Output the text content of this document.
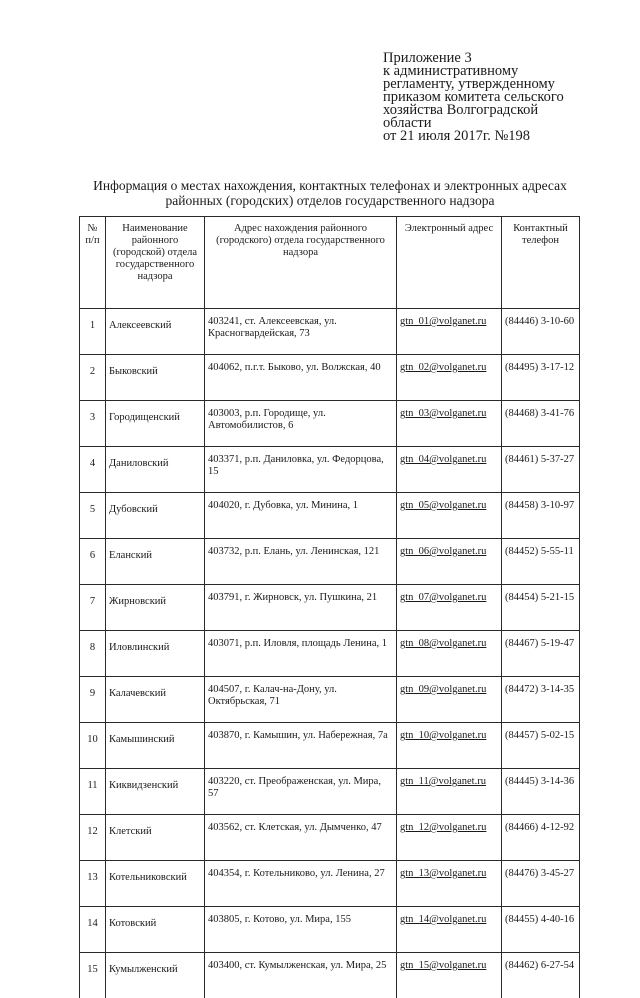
Приложение 3
к административному
регламенту, утвержденному
приказом комитета сельского
хозяйства Волгоградской
области
от 21 июля 2017г. №198
Информация о местах нахождения, контактных телефонах и электронных адресах
районных (городских) отделов государственного надзора
№ п/п	Наименование районного (городской) отдела государственного надзора	Адрес нахождения районного (городского) отдела государственного надзора	Электронный адрес	Контактный телефон
1	Алексеевский	403241, ст. Алексеевская, ул. Красногвардейская, 73	gtn_01@volganet.ru	(84446) 3-10-60
2	Быковский	404062, п.г.т. Быково, ул. Волжская, 40	gtn_02@volganet.ru	(84495) 3-17-12
3	Городищенский	403003, р.п. Городище, ул. Автомобилистов, 6	gtn_03@volganet.ru	(84468) 3-41-76
4	Даниловский	403371, р.п. Даниловка, ул. Федорцова, 15	gtn_04@volganet.ru	(84461) 5-37-27
5	Дубовский	404020, г. Дубовка, ул. Минина, 1	gtn_05@volganet.ru	(84458) 3-10-97
6	Еланский	403732, р.п. Елань, ул. Ленинская, 121	gtn_06@volganet.ru	(84452) 5-55-11
7	Жирновский	403791, г. Жирновск, ул. Пушкина, 21	gtn_07@volganet.ru	(84454) 5-21-15
8	Иловлинский	403071, р.п. Иловля, площадь Ленина, 1	gtn_08@volganet.ru	(84467) 5-19-47
9	Калачевский	404507, г. Калач-на-Дону, ул. Октябрьская, 71	gtn_09@volganet.ru	(84472) 3-14-35
10	Камышинский	403870, г. Камышин, ул. Набережная, 7а	gtn_10@volganet.ru	(84457) 5-02-15
11	Киквидзенский	403220, ст. Преображенская, ул. Мира, 57	gtn_11@volganet.ru	(84445) 3-14-36
12	Клетский	403562, ст. Клетская, ул. Дымченко, 47	gtn_12@volganet.ru	(84466) 4-12-92
13	Котельниковский	404354, г. Котельниково, ул. Ленина, 27	gtn_13@volganet.ru	(84476) 3-45-27
14	Котовский	403805, г. Котово, ул. Мира, 155	gtn_14@volganet.ru	(84455) 4-40-16
15	Кумылженский	403400, ст. Кумылженская, ул. Мира, 25	gtn_15@volganet.ru	(84462) 6-27-54
